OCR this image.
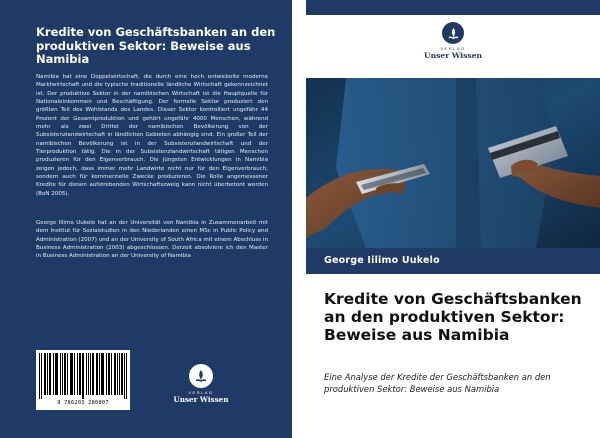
Kredite von Geschäftsbanken an den produktiven Sektor: Beweise aus Namibia
Namibia hat eine Doppelwirtschaft, die durch eine hoch entwickelte moderne Marktwirtschaft und die typische traditionelle ländliche Wirtschaft gekennzeichnet ist. Der produktive Sektor in der namibischen Wirtschaft ist die Hauptquelle für Nationaleinkommen und Beschäftigung. Der formelle Sektor produziert den größten Teil des Wohlstands des Landes. Dieser Sektor kontrolliert ungefähr 44 Prozent der Gesamtproduktion und gehört ungefähr 4000 Menschen, während mehr als zwei Drittel der namibischen Bevölkerung von der Subsistenzlandwirtschaft in ländlichen Gebieten abhängig sind. Ein großer Teil der namibischen Bevölkerung ist in der Subsistenzlandwirtschaft und der Tierproduktion tätig. Die in der Subsistenzlandwirtschaft tätigen Menschen produzieren für den Eigenverbrauch. Die jüngsten Entwicklungen in Namibia zeigen jedoch, dass immer mehr Landwirte nicht nur für den Eigenverbrauch, sondern auch für kommerzielle Zwecke produzieren. Die Rolle angemessener Kredite für diesen aufstrebenden Wirtschaftszweig kann nicht überbetont werden (BoN 2005).
George Iilimo Uukelo hat an der Universität von Namibia in Zusammenarbeit mit dem Institut für Sozialstudien in den Niederlanden einen MSc in Public Policy and Administration (2007) und an der University of South Africa mit einem Abschluss in Business Administration (2003) abgeschlossen. Derzeit absolviere ich den Master in Business Administration an der University of Namibia
9 786203 280807
VERLAG
Unser Wissen
VERLAG
Unser Wissen
George Iilimo Uukelo
Kredite von Geschäftsbanken an den produktiven Sektor: Beweise aus Namibia
Eine Analyse der Kredite der Geschäftsbanken an den produktiven Sektor: Beweise aus Namibia
